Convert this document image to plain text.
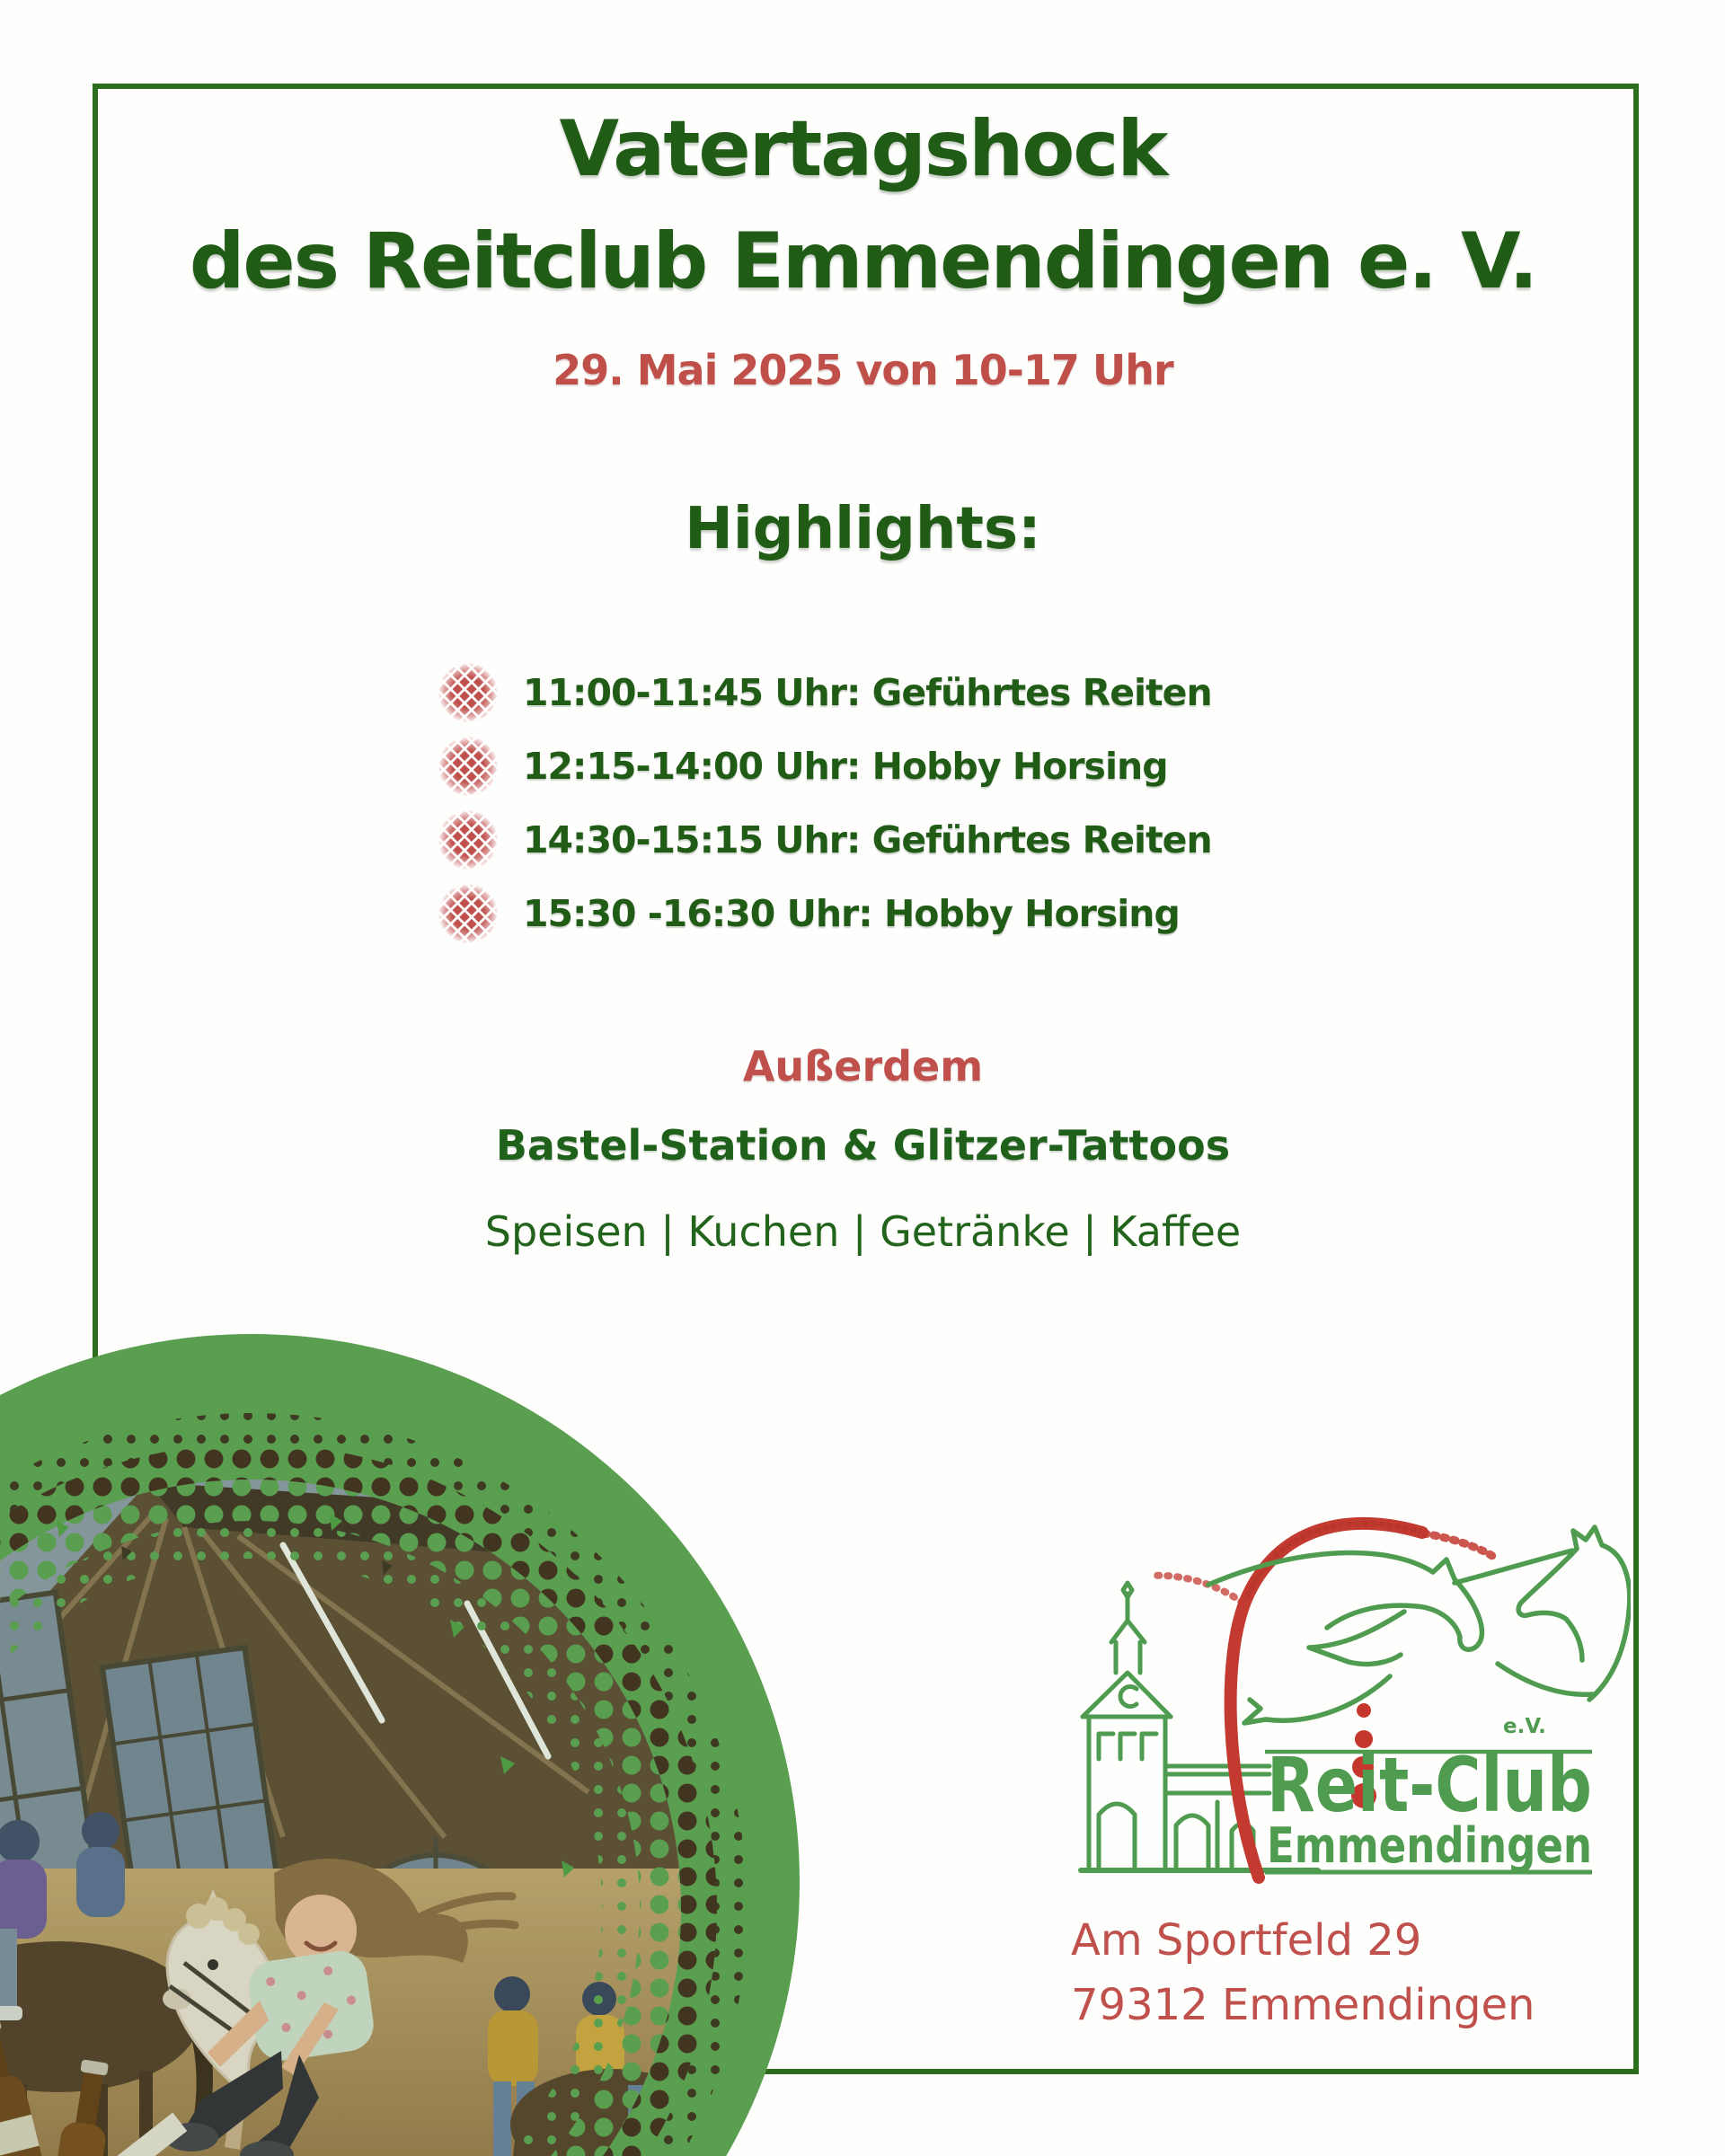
Vatertagshock
des Reitclub Emmendingen e. V.
29. Mai 2025 von 10-17 Uhr
Highlights:
11:00-11:45 Uhr: Geführtes Reiten
12:15-14:00 Uhr: Hobby Horsing
14:30-15:15 Uhr: Geführtes Reiten
15:30 -16:30 Uhr: Hobby Horsing
Außerdem
Bastel-Station & Glitzer-Tattoos
Speisen | Kuchen | Getränke | Kaffee
e.V.
Reit-Club
Emmendingen
Am Sportfeld 29
79312 Emmendingen
